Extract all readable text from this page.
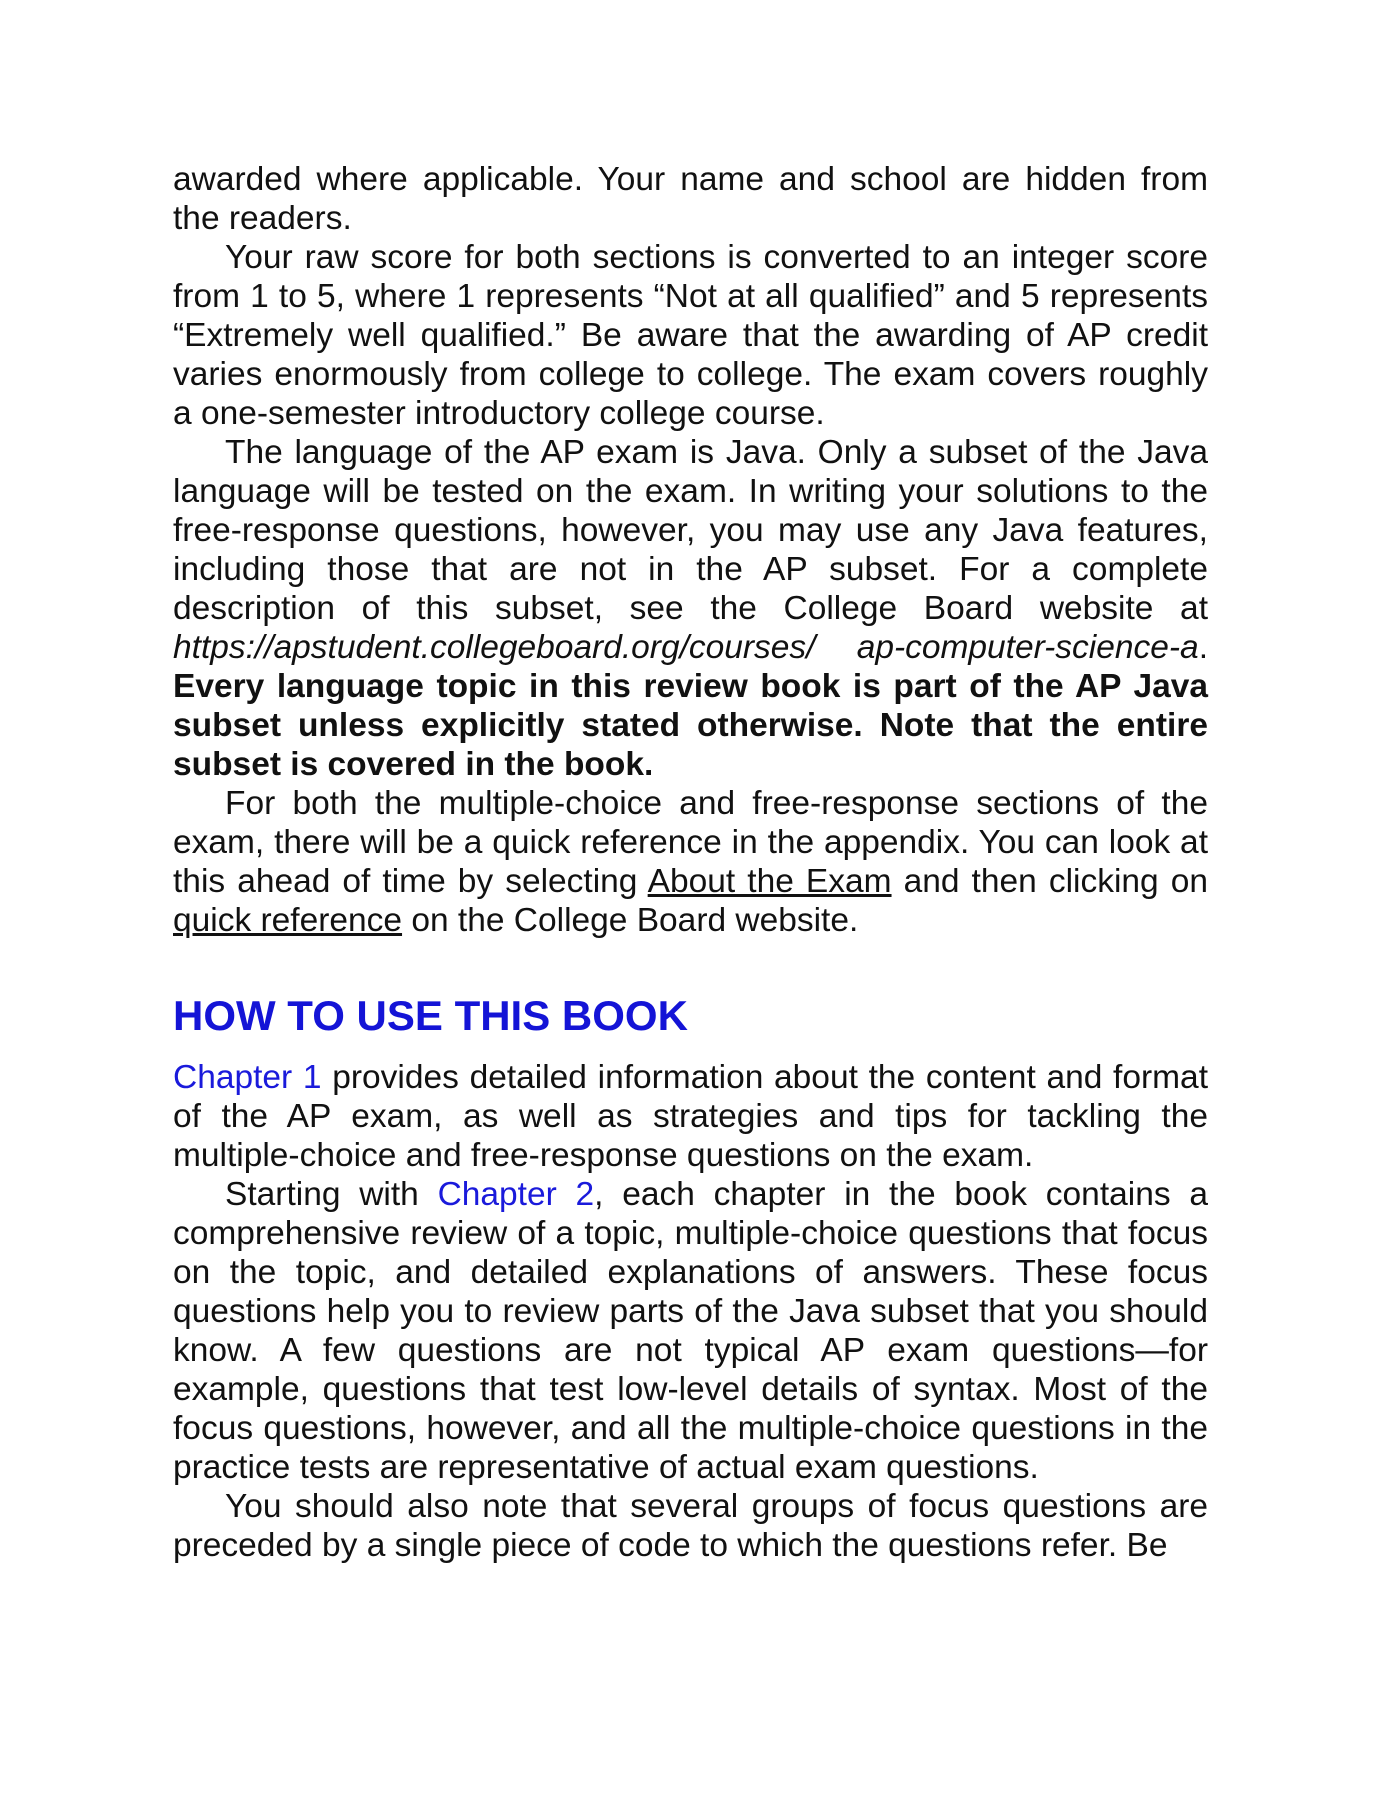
awarded where applicable. Your name and school are hidden from the readers.

Your raw score for both sections is converted to an integer score from 1 to 5, where 1 represents “Not at all qualified” and 5 represents “Extremely well qualified.” Be aware that the awarding of AP credit varies enormously from college to college. The exam covers roughly a one-semester introductory college course.

The language of the AP exam is Java. Only a subset of the Java language will be tested on the exam. In writing your solutions to the free-response questions, however, you may use any Java features, including those that are not in the AP subset. For a complete description of this subset, see the College Board website at https://apstudent.collegeboard.org/courses/ ap-computer-science-a. Every language topic in this review book is part of the AP Java subset unless explicitly stated otherwise. Note that the entire subset is covered in the book.

For both the multiple-choice and free-response sections of the exam, there will be a quick reference in the appendix. You can look at this ahead of time by selecting About the Exam and then clicking on quick reference on the College Board website.

HOW TO USE THIS BOOK

Chapter 1 provides detailed information about the content and format of the AP exam, as well as strategies and tips for tackling the multiple-choice and free-response questions on the exam.

Starting with Chapter 2, each chapter in the book contains a comprehensive review of a topic, multiple-choice questions that focus on the topic, and detailed explanations of answers. These focus questions help you to review parts of the Java subset that you should know. A few questions are not typical AP exam questions—for example, questions that test low-level details of syntax. Most of the focus questions, however, and all the multiple-choice questions in the practice tests are representative of actual exam questions.

You should also note that several groups of focus questions are preceded by a single piece of code to which the questions refer. Be
